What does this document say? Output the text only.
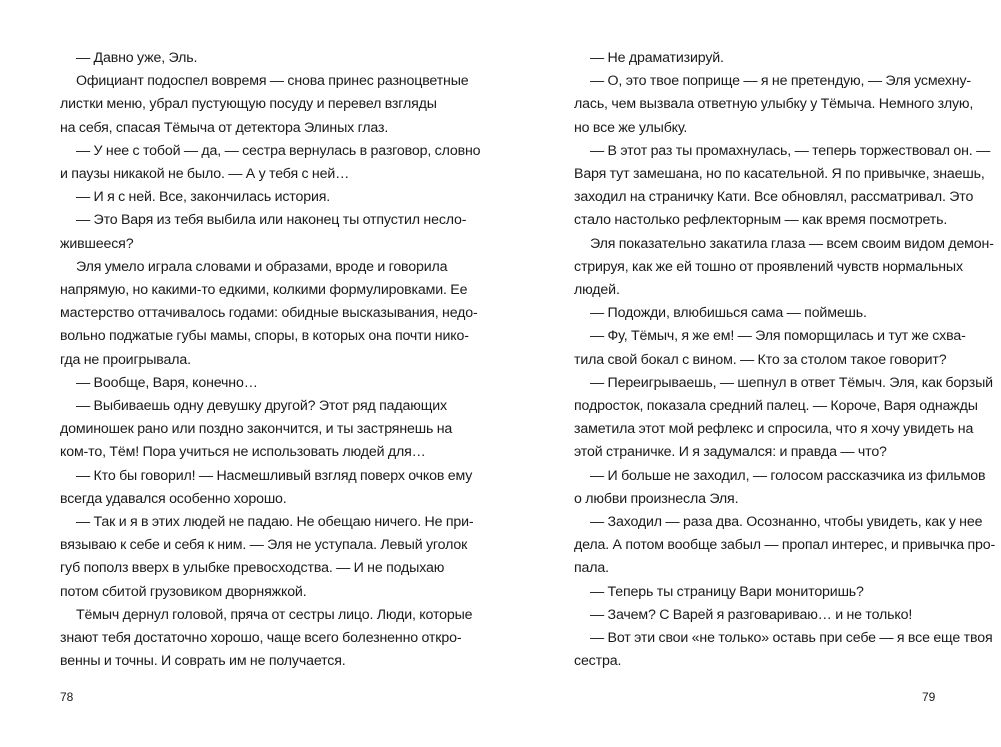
— Давно уже, Эль.
Официант подоспел вовремя — снова принес разноцветные
листки меню, убрал пустующую посуду и перевел взгляды
на себя, спасая Тёмыча от детектора Элиных глаз.
— У нее с тобой — да, — сестра вернулась в разговор, словно
и паузы никакой не было. — А у тебя с ней…
— И я с ней. Все, закончилась история.
— Это Варя из тебя выбила или наконец ты отпустил несло-
жившееся?
Эля умело играла словами и образами, вроде и говорила
напрямую, но какими-то едкими, колкими формулировками. Ее
мастерство оттачивалось годами: обидные высказывания, недо-
вольно поджатые губы мамы, споры, в которых она почти нико-
гда не проигрывала.
— Вообще, Варя, конечно…
— Выбиваешь одну девушку другой? Этот ряд падающих
доминошек рано или поздно закончится, и ты застрянешь на
ком-то, Тём! Пора учиться не использовать людей для…
— Кто бы говорил! — Насмешливый взгляд поверх очков ему
всегда удавался особенно хорошо.
— Так и я в этих людей не падаю. Не обещаю ничего. Не при-
вязываю к себе и себя к ним. — Эля не уступала. Левый уголок
губ пополз вверх в улыбке превосходства. — И не подыхаю
потом сбитой грузовиком дворняжкой.
Тёмыч дернул головой, пряча от сестры лицо. Люди, которые
знают тебя достаточно хорошо, чаще всего болезненно откро-
венны и точны. И соврать им не получается.
78
— Не драматизируй.
— О, это твое поприще — я не претендую, — Эля усмехну-
лась, чем вызвала ответную улыбку у Тёмыча. Немного злую,
но все же улыбку.
— В этот раз ты промахнулась, — теперь торжествовал он. —
Варя тут замешана, но по касательной. Я по привычке, знаешь,
заходил на страничку Кати. Все обновлял, рассматривал. Это
стало настолько рефлекторным — как время посмотреть.
Эля показательно закатила глаза — всем своим видом демон-
стрируя, как же ей тошно от проявлений чувств нормальных
людей.
— Подожди, влюбишься сама — поймешь.
— Фу, Тёмыч, я же ем! — Эля поморщилась и тут же схва-
тила свой бокал с вином. — Кто за столом такое говорит?
— Переигрываешь, — шепнул в ответ Тёмыч. Эля, как борзый
подросток, показала средний палец. — Короче, Варя однажды
заметила этот мой рефлекс и спросила, что я хочу увидеть на
этой страничке. И я задумался: и правда — что?
— И больше не заходил, — голосом рассказчика из фильмов
о любви произнесла Эля.
— Заходил — раза два. Осознанно, чтобы увидеть, как у нее
дела. А потом вообще забыл — пропал интерес, и привычка про-
пала.
— Теперь ты страницу Вари мониторишь?
— Зачем? С Варей я разговариваю… и не только!
— Вот эти свои «не только» оставь при себе — я все еще твоя
сестра.
79
